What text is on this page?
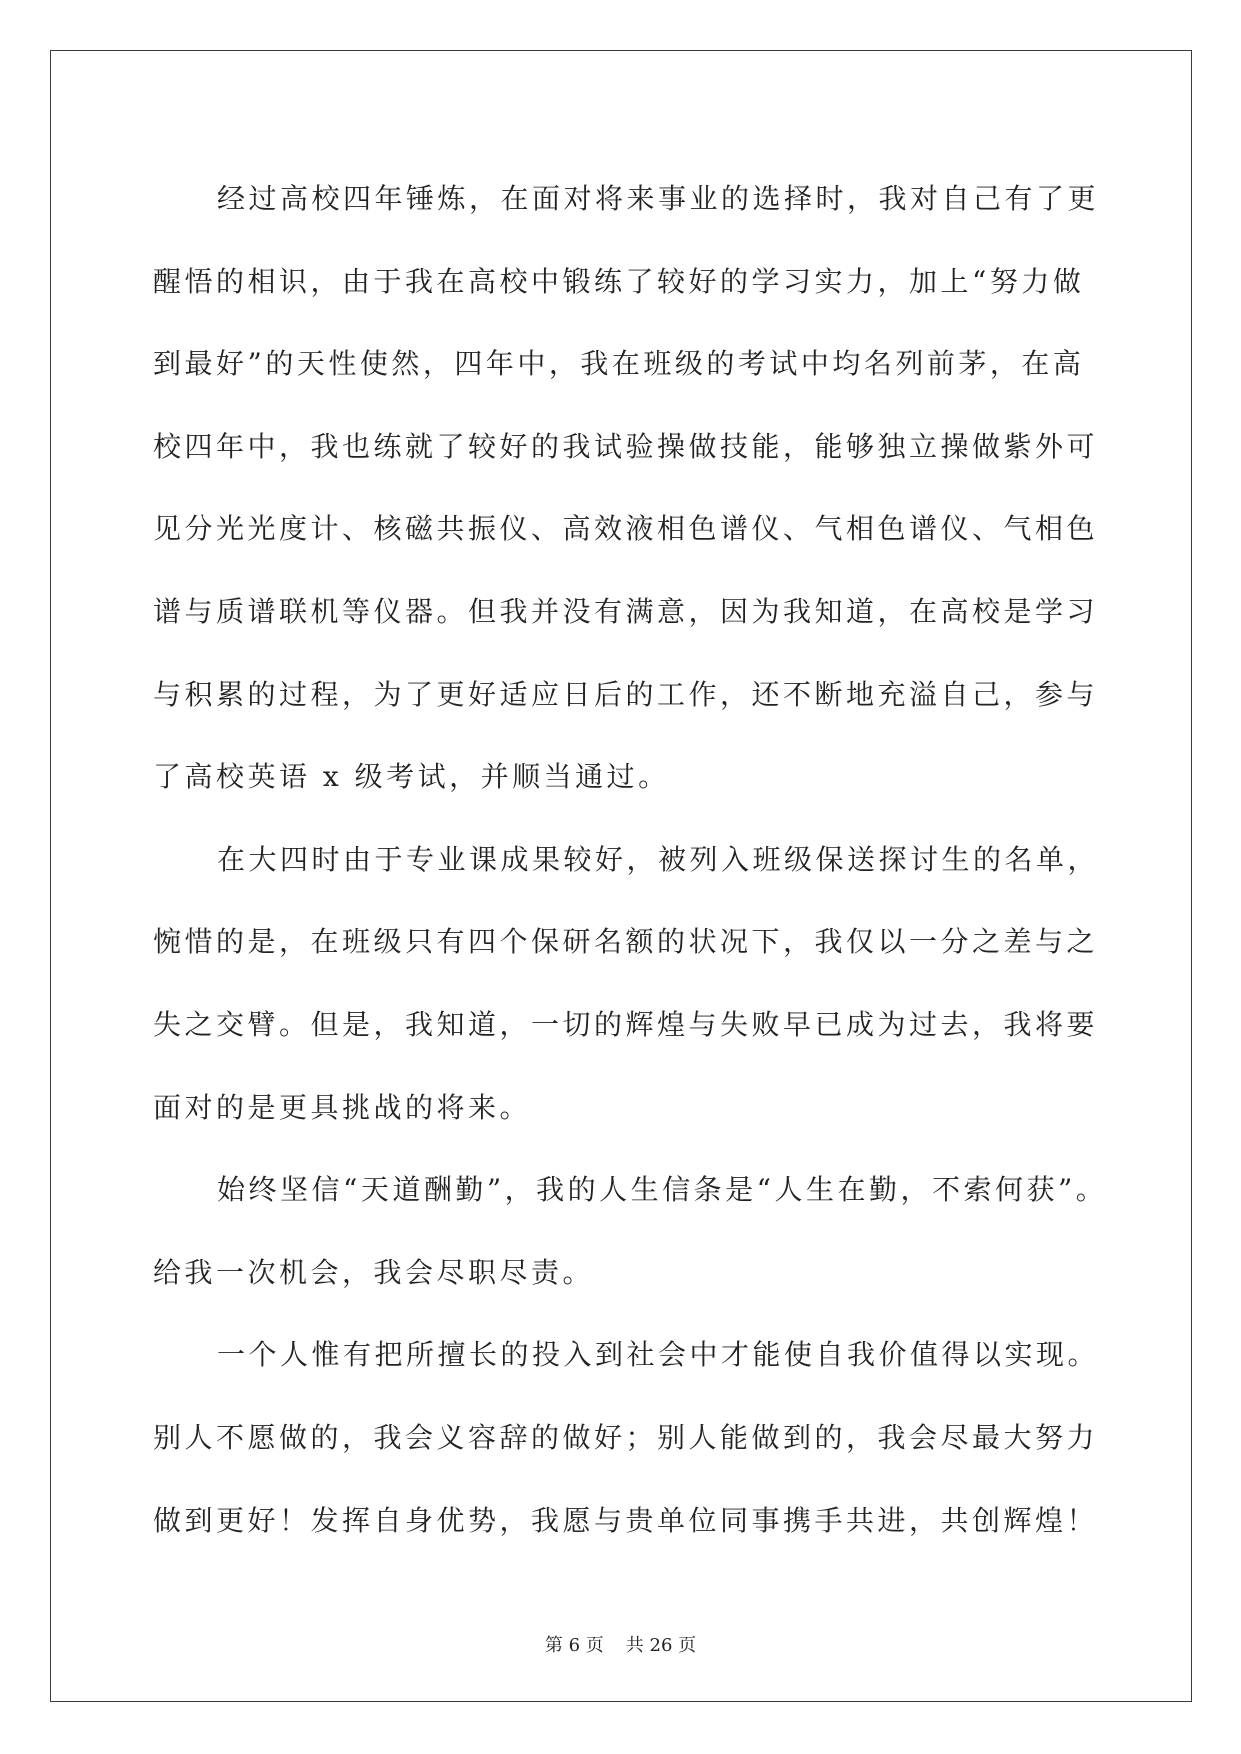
经过高校四年锤炼，在面对将来事业的选择时，我对自己有了更
醒悟的相识，由于我在高校中锻练了较好的学习实力，加上“努力做
到最好”的天性使然，四年中，我在班级的考试中均名列前茅，在高
校四年中，我也练就了较好的我试验操做技能，能够独立操做紫外可
见分光光度计、核磁共振仪、高效液相色谱仪、气相色谱仪、气相色
谱与质谱联机等仪器。但我并没有满意，因为我知道，在高校是学习
与积累的过程，为了更好适应日后的工作，还不断地充溢自己，参与
了高校英语 x 级考试，并顺当通过。
在大四时由于专业课成果较好，被列入班级保送探讨生的名单，
惋惜的是，在班级只有四个保研名额的状况下，我仅以一分之差与之
失之交臂。但是，我知道，一切的辉煌与失败早已成为过去，我将要
面对的是更具挑战的将来。
始终坚信“天道酬勤”，我的人生信条是“人生在勤，不索何获”。
给我一次机会，我会尽职尽责。
一个人惟有把所擅长的投入到社会中才能使自我价值得以实现。
别人不愿做的，我会义容辞的做好；别人能做到的，我会尽最大努力
做到更好！发挥自身优势，我愿与贵单位同事携手共进，共创辉煌！
第 6 页 共 26 页
